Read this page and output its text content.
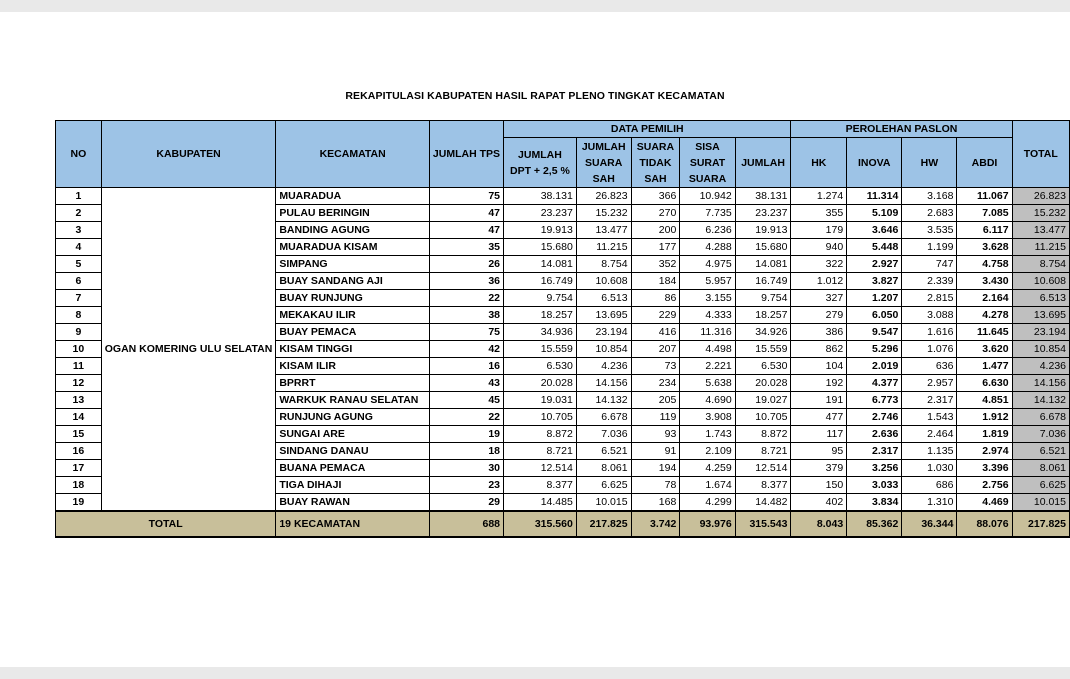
REKAPITULASI KABUPATEN HASIL RAPAT PLENO TINGKAT KECAMATAN
NO	KABUPATEN	KECAMATAN	JUMLAH TPS	DATA PEMILIH					PEROLEHAN PASLON				TOTAL
				JUMLAH DPT + 2,5 %	JUMLAH SUARA SAH	SUARA TIDAK SAH	SISA SURAT SUARA	JUMLAH	HK	INOVA	HW	ABDI	
1	OGAN KOMERING ULU SELATAN	MUARADUA	75	38.131	26.823	366	10.942	38.131	1.274	11.314	3.168	11.067	26.823
2		PULAU BERINGIN	47	23.237	15.232	270	7.735	23.237	355	5.109	2.683	7.085	15.232
3		BANDING AGUNG	47	19.913	13.477	200	6.236	19.913	179	3.646	3.535	6.117	13.477
4		MUARADUA KISAM	35	15.680	11.215	177	4.288	15.680	940	5.448	1.199	3.628	11.215
5		SIMPANG	26	14.081	8.754	352	4.975	14.081	322	2.927	747	4.758	8.754
6		BUAY SANDANG AJI	36	16.749	10.608	184	5.957	16.749	1.012	3.827	2.339	3.430	10.608
7		BUAY RUNJUNG	22	9.754	6.513	86	3.155	9.754	327	1.207	2.815	2.164	6.513
8		MEKAKAU ILIR	38	18.257	13.695	229	4.333	18.257	279	6.050	3.088	4.278	13.695
9		BUAY PEMACA	75	34.936	23.194	416	11.316	34.926	386	9.547	1.616	11.645	23.194
10		KISAM TINGGI	42	15.559	10.854	207	4.498	15.559	862	5.296	1.076	3.620	10.854
11		KISAM ILIR	16	6.530	4.236	73	2.221	6.530	104	2.019	636	1.477	4.236
12		BPRRT	43	20.028	14.156	234	5.638	20.028	192	4.377	2.957	6.630	14.156
13		WARKUK RANAU SELATAN	45	19.031	14.132	205	4.690	19.027	191	6.773	2.317	4.851	14.132
14		RUNJUNG AGUNG	22	10.705	6.678	119	3.908	10.705	477	2.746	1.543	1.912	6.678
15		SUNGAI ARE	19	8.872	7.036	93	1.743	8.872	117	2.636	2.464	1.819	7.036
16		SINDANG DANAU	18	8.721	6.521	91	2.109	8.721	95	2.317	1.135	2.974	6.521
17		BUANA PEMACA	30	12.514	8.061	194	4.259	12.514	379	3.256	1.030	3.396	8.061
18		TIGA DIHAJI	23	8.377	6.625	78	1.674	8.377	150	3.033	686	2.756	6.625
19		BUAY RAWAN	29	14.485	10.015	168	4.299	14.482	402	3.834	1.310	4.469	10.015
TOTAL		19 KECAMATAN	688	315.560	217.825	3.742	93.976	315.543	8.043	85.362	36.344	88.076	217.825
